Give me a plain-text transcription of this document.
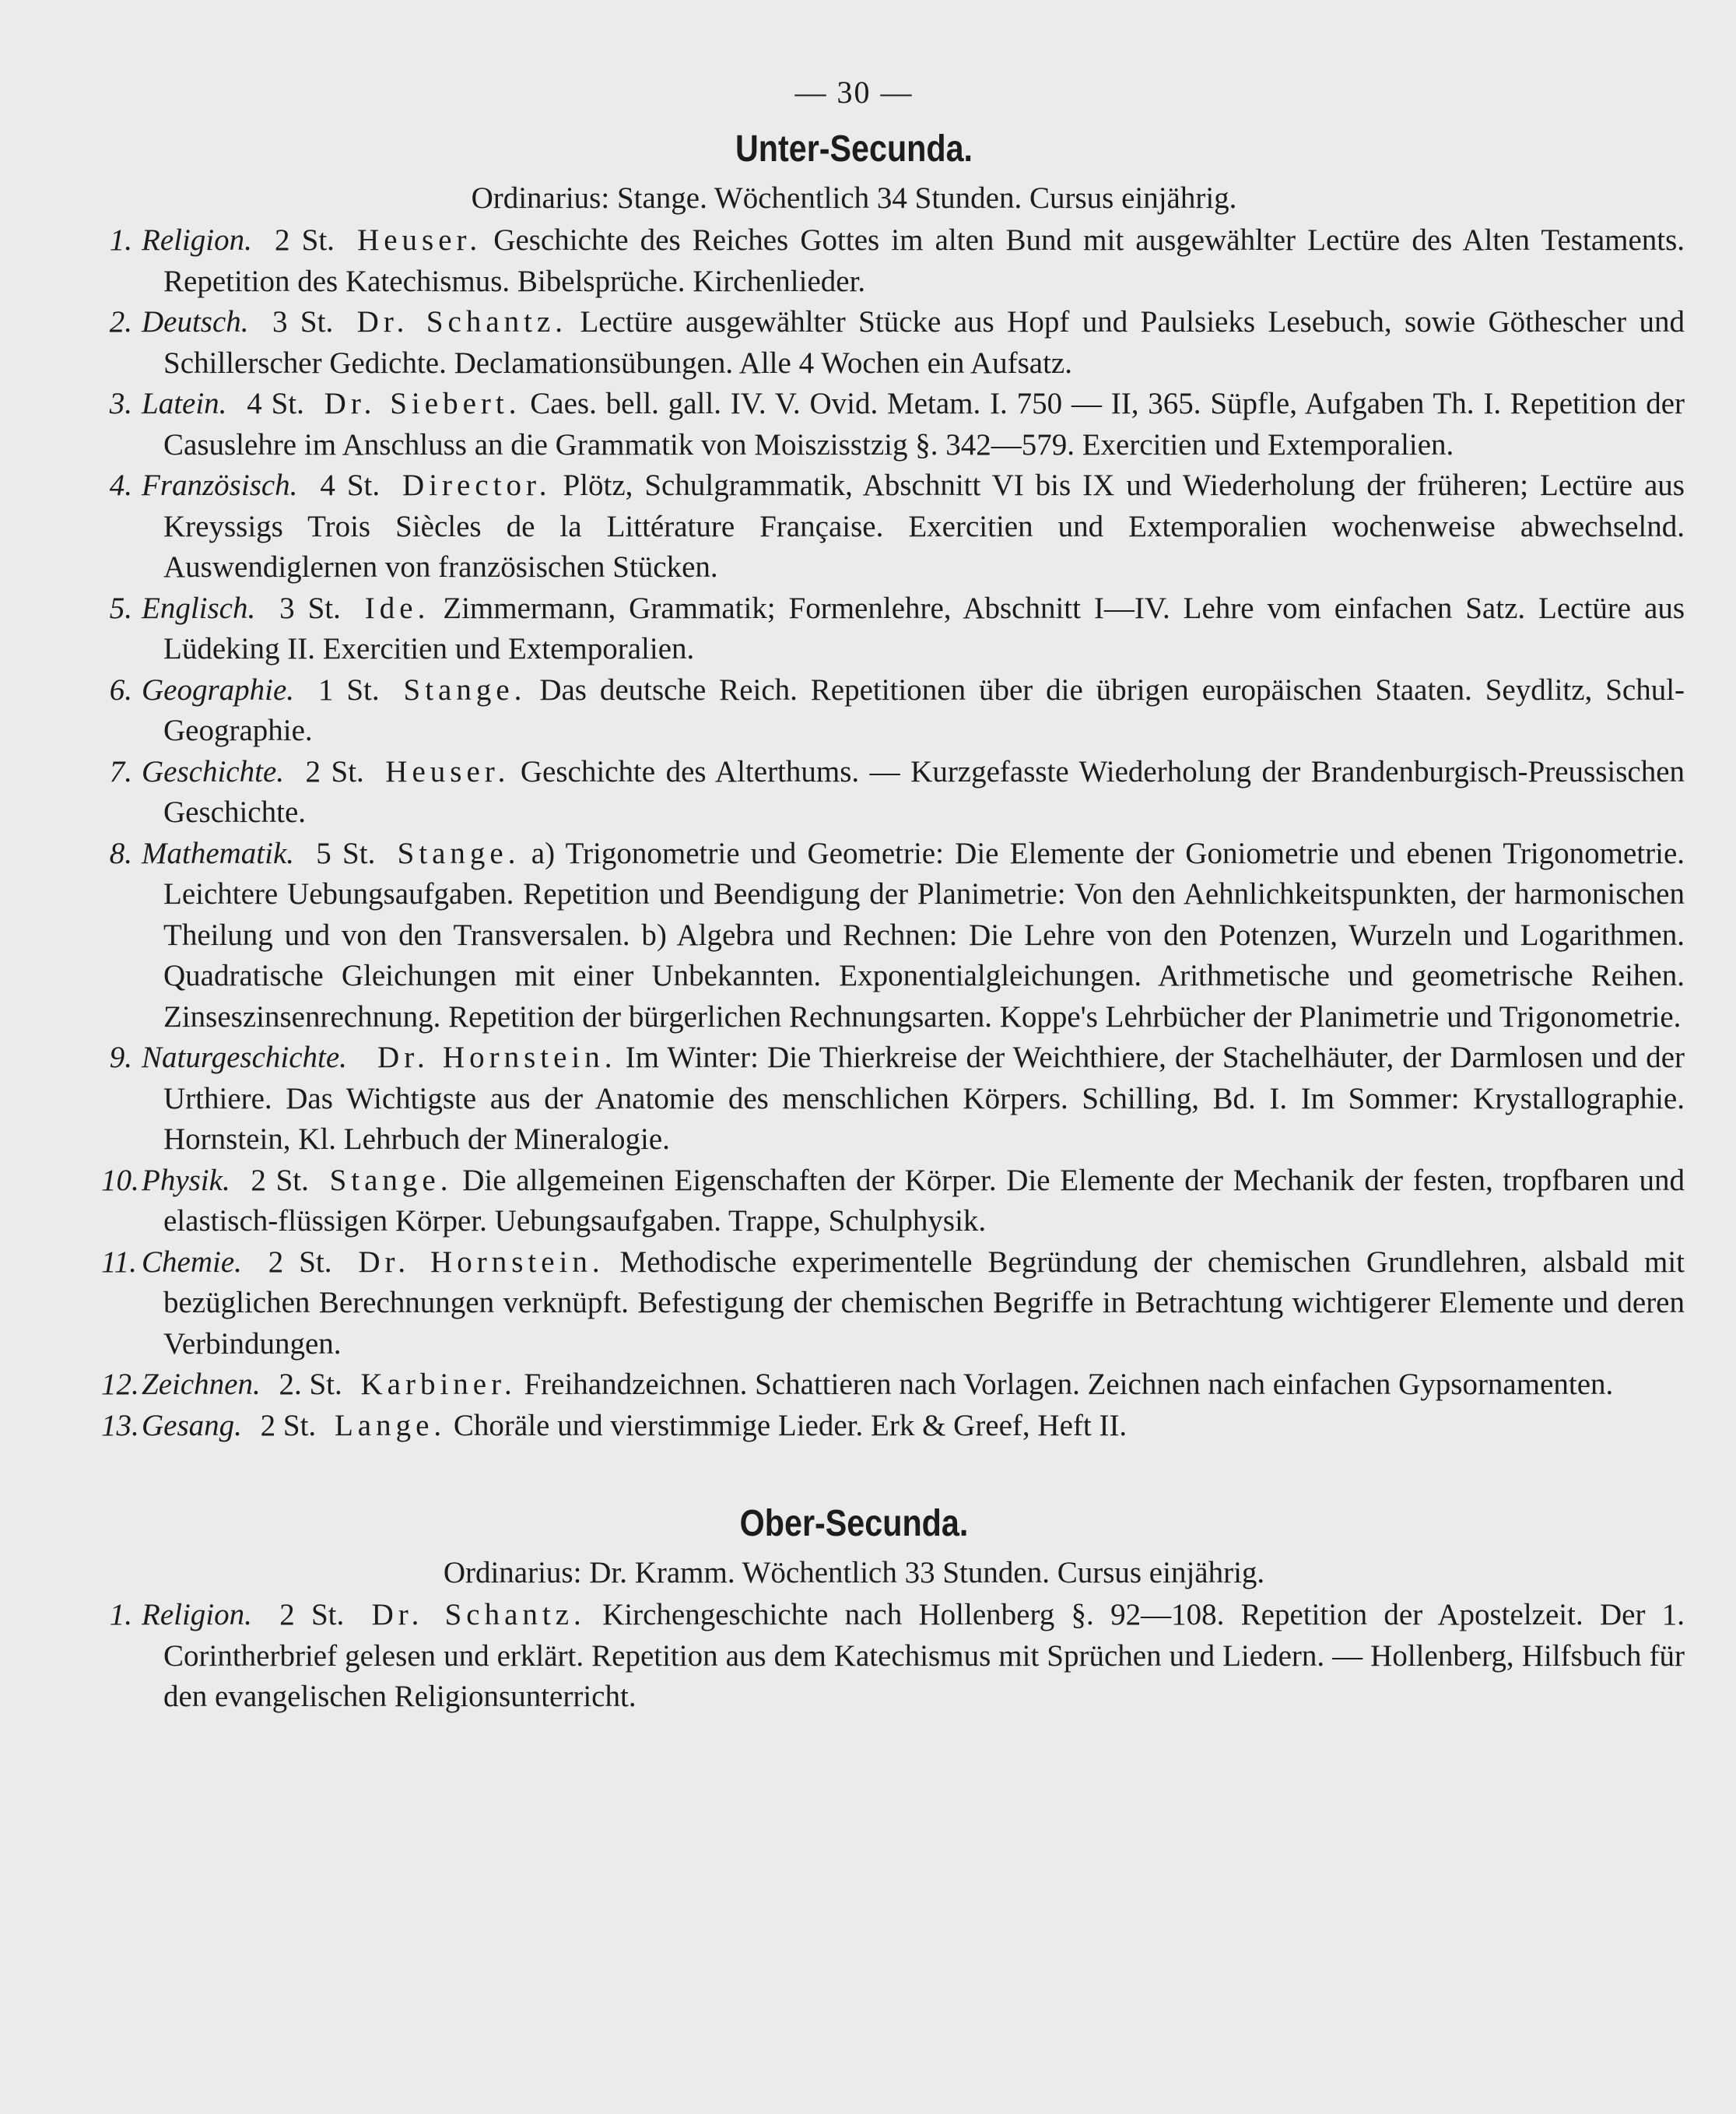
— 30 —
Unter-Secunda.
Ordinarius: Stange. Wöchentlich 34 Stunden. Cursus einjährig.

1. Religion. 2 St. Heuser. Geschichte des Reiches Gottes im alten Bund mit ausgewählter Lectüre des Alten Testaments. Repetition des Katechismus. Bibelsprüche. Kirchenlieder.

2. Deutsch. 3 St. Dr. Schantz. Lectüre ausgewählter Stücke aus Hopf und Paulsieks Lesebuch, sowie Göthescher und Schillerscher Gedichte. Declamationsübungen. Alle 4 Wochen ein Aufsatz.

3. Latein. 4 St. Dr. Siebert. Caes. bell. gall. IV. V. Ovid. Metam. I. 750 — II, 365. Süpfle, Aufgaben Th. I. Repetition der Casuslehre im Anschluss an die Grammatik von Moiszisstzig §. 342—579. Exercitien und Extemporalien.

4. Französisch. 4 St. Director. Plötz, Schulgrammatik, Abschnitt VI bis IX und Wiederholung der früheren; Lectüre aus Kreyssigs Trois Siècles de la Littérature Française. Exercitien und Extemporalien wochenweise abwechselnd. Auswendiglernen von französischen Stücken.

5. Englisch. 3 St. Ide. Zimmermann, Grammatik; Formenlehre, Abschnitt I—IV. Lehre vom einfachen Satz. Lectüre aus Lüdeking II. Exercitien und Extemporalien.

6. Geographie. 1 St. Stange. Das deutsche Reich. Repetitionen über die übrigen europäischen Staaten. Seydlitz, Schul-Geographie.

7. Geschichte. 2 St. Heuser. Geschichte des Alterthums. — Kurzgefasste Wiederholung der Brandenburgisch-Preussischen Geschichte.

8. Mathematik. 5 St. Stange. a) Trigonometrie und Geometrie: Die Elemente der Goniometrie und ebenen Trigonometrie. Leichtere Uebungsaufgaben. Repetition und Beendigung der Planimetrie: Von den Aehnlichkeitspunkten, der harmonischen Theilung und von den Transversalen. b) Algebra und Rechnen: Die Lehre von den Potenzen, Wurzeln und Logarithmen. Quadratische Gleichungen mit einer Unbekannten. Exponentialgleichungen. Arithmetische und geometrische Reihen. Zinseszinsenrechnung. Repetition der bürgerlichen Rechnungsarten. Koppe's Lehrbücher der Planimetrie und Trigonometrie.

9. Naturgeschichte. Dr. Hornstein. Im Winter: Die Thierkreise der Weichthiere, der Stachelhäuter, der Darmlosen und der Urthiere. Das Wichtigste aus der Anatomie des menschlichen Körpers. Schilling, Bd. I. Im Sommer: Krystallographie. Hornstein, Kl. Lehrbuch der Mineralogie.

10. Physik. 2 St. Stange. Die allgemeinen Eigenschaften der Körper. Die Elemente der Mechanik der festen, tropfbaren und elastisch-flüssigen Körper. Uebungsaufgaben. Trappe, Schulphysik.

11. Chemie. 2 St. Dr. Hornstein. Methodische experimentelle Begründung der chemischen Grundlehren, alsbald mit bezüglichen Berechnungen verknüpft. Befestigung der chemischen Begriffe in Betrachtung wichtigerer Elemente und deren Verbindungen.

12. Zeichnen. 2. St. Karbiner. Freihandzeichnen. Schattieren nach Vorlagen. Zeichnen nach einfachen Gypsornamenten.

13. Gesang. 2 St. Lange. Choräle und vierstimmige Lieder. Erk & Greef, Heft II.

Ober-Secunda.
Ordinarius: Dr. Kramm. Wöchentlich 33 Stunden. Cursus einjährig.

1. Religion. 2 St. Dr. Schantz. Kirchengeschichte nach Hollenberg §. 92—108. Repetition der Apostelzeit. Der 1. Corintherbrief gelesen und erklärt. Repetition aus dem Katechismus mit Sprüchen und Liedern. — Hollenberg, Hilfsbuch für den evangelischen Religionsunterricht.
